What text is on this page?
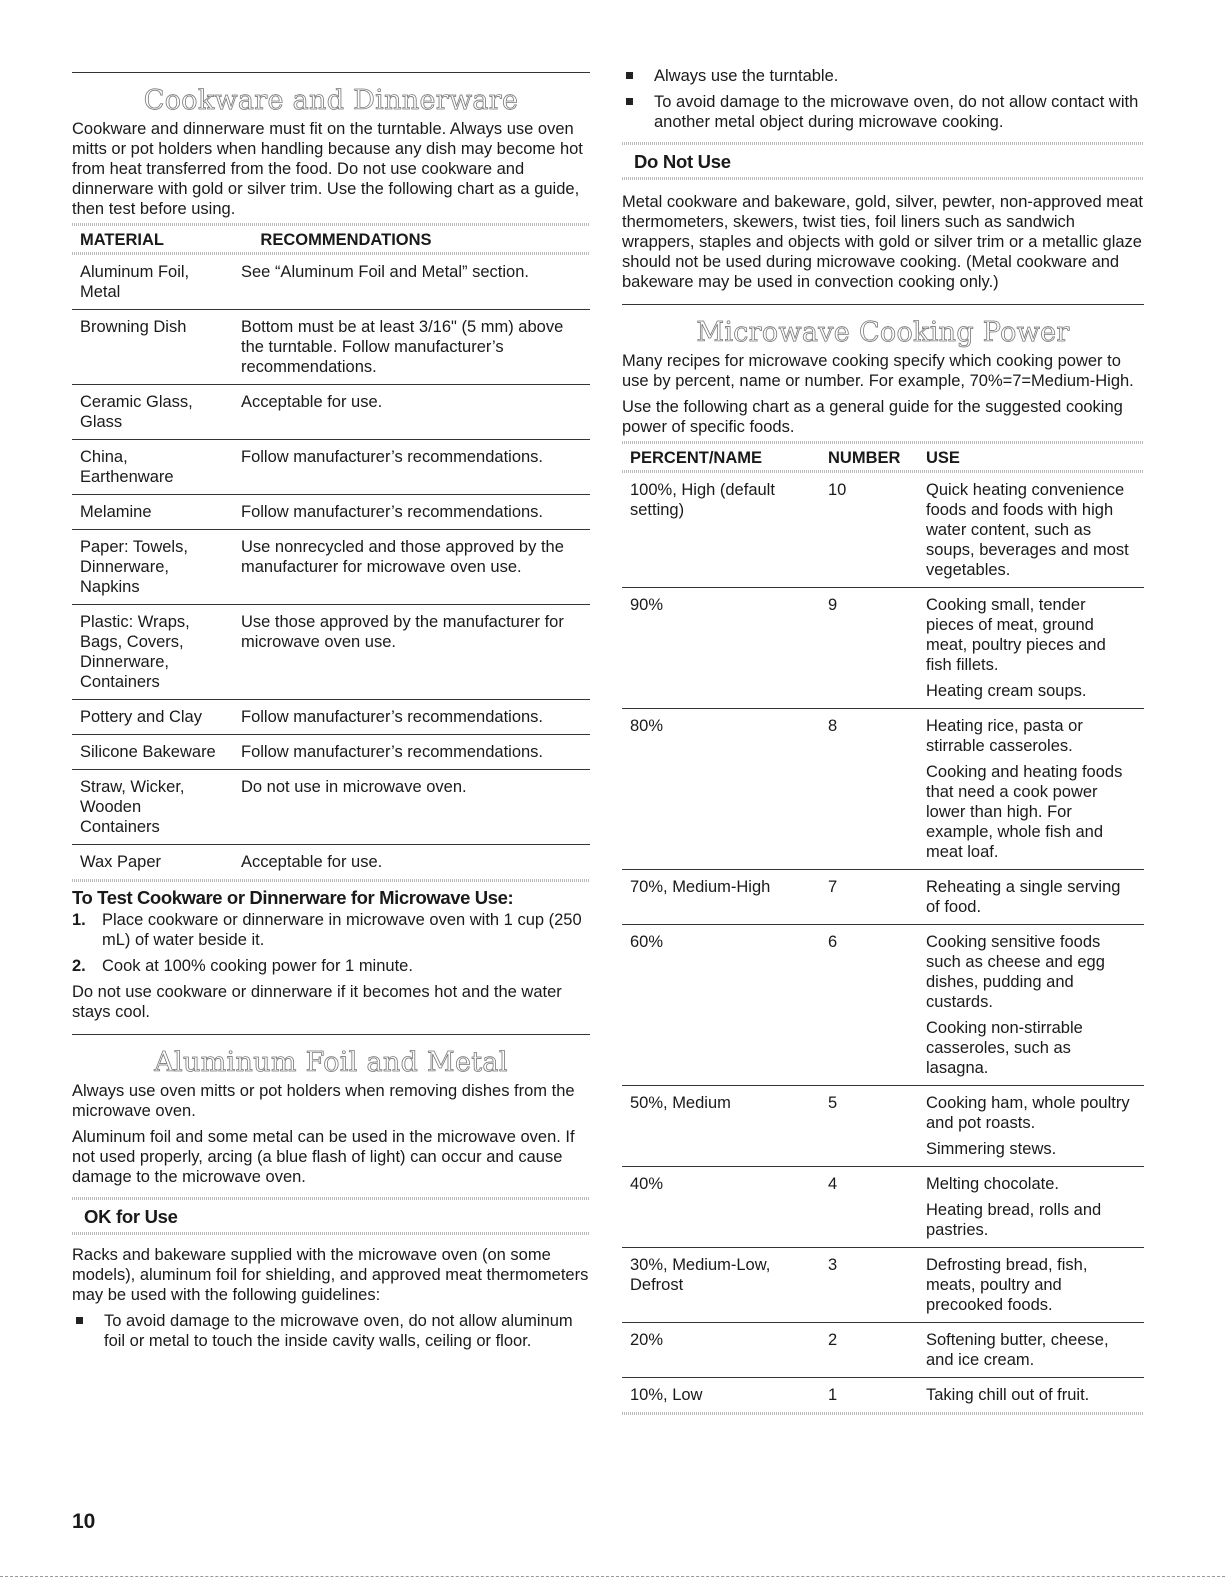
Cookware and Dinnerware

Cookware and dinnerware must fit on the turntable. Always use oven mitts or pot holders when handling because any dish may become hot from heat transferred from the food. Do not use cookware and dinnerware with gold or silver trim. Use the following chart as a guide, then test before using.

MATERIAL	RECOMMENDATIONS
Aluminum Foil, Metal	See “Aluminum Foil and Metal” section.
Browning Dish	Bottom must be at least 3/16" (5 mm) above the turntable. Follow manufacturer’s recommendations.
Ceramic Glass, Glass	Acceptable for use.
China, Earthenware	Follow manufacturer’s recommendations.
Melamine	Follow manufacturer’s recommendations.
Paper: Towels, Dinnerware, Napkins	Use nonrecycled and those approved by the manufacturer for microwave oven use.
Plastic: Wraps, Bags, Covers, Dinnerware, Containers	Use those approved by the manufacturer for microwave oven use.
Pottery and Clay	Follow manufacturer’s recommendations.
Silicone Bakeware	Follow manufacturer’s recommendations.
Straw, Wicker, Wooden Containers	Do not use in microwave oven.
Wax Paper	Acceptable for use.
To Test Cookware or Dinnerware for Microwave Use:
1. Place cookware or dinnerware in microwave oven with 1 cup (250 mL) of water beside it.
2. Cook at 100% cooking power for 1 minute.

Do not use cookware or dinnerware if it becomes hot and the water stays cool.

Aluminum Foil and Metal

Always use oven mitts or pot holders when removing dishes from the microwave oven.

Aluminum foil and some metal can be used in the microwave oven. If not used properly, arcing (a blue flash of light) can occur and cause damage to the microwave oven.

OK for Use

Racks and bakeware supplied with the microwave oven (on some models), aluminum foil for shielding, and approved meat thermometers may be used with the following guidelines:

To avoid damage to the microwave oven, do not allow aluminum foil or metal to touch the inside cavity walls, ceiling or floor.
Always use the turntable.
To avoid damage to the microwave oven, do not allow contact with another metal object during microwave cooking.
Do Not Use

Metal cookware and bakeware, gold, silver, pewter, non-approved meat thermometers, skewers, twist ties, foil liners such as sandwich wrappers, staples and objects with gold or silver trim or a metallic glaze should not be used during microwave cooking. (Metal cookware and bakeware may be used in convection cooking only.)

Microwave Cooking Power

Many recipes for microwave cooking specify which cooking power to use by percent, name or number. For example, 70%=7=Medium-High.

Use the following chart as a general guide for the suggested cooking power of specific foods.

PERCENT/NAME	NUMBER	USE
100%, High (default setting)	10	Quick heating convenience foods and foods with high water content, such as soups, beverages and most vegetables.

90%	9	Cooking small, tender pieces of meat, ground meat, poultry pieces and fish fillets.
Heating cream soups.

80%	8	Heating rice, pasta or stirrable casseroles.
Cooking and heating foods that need a cook power lower than high. For example, whole fish and meat loaf.

70%, Medium-High	7	Reheating a single serving of food.

60%	6	Cooking sensitive foods such as cheese and egg dishes, pudding and custards.
Cooking non-stirrable casseroles, such as lasagna.

50%, Medium	5	Cooking ham, whole poultry and pot roasts.
Simmering stews.

40%	4	Melting chocolate.
Heating bread, rolls and pastries.

30%, Medium-Low, Defrost	3	Defrosting bread, fish, meats, poultry and precooked foods.

20%	2	Softening butter, cheese, and ice cream.

10%, Low	1	Taking chill out of fruit.
10
